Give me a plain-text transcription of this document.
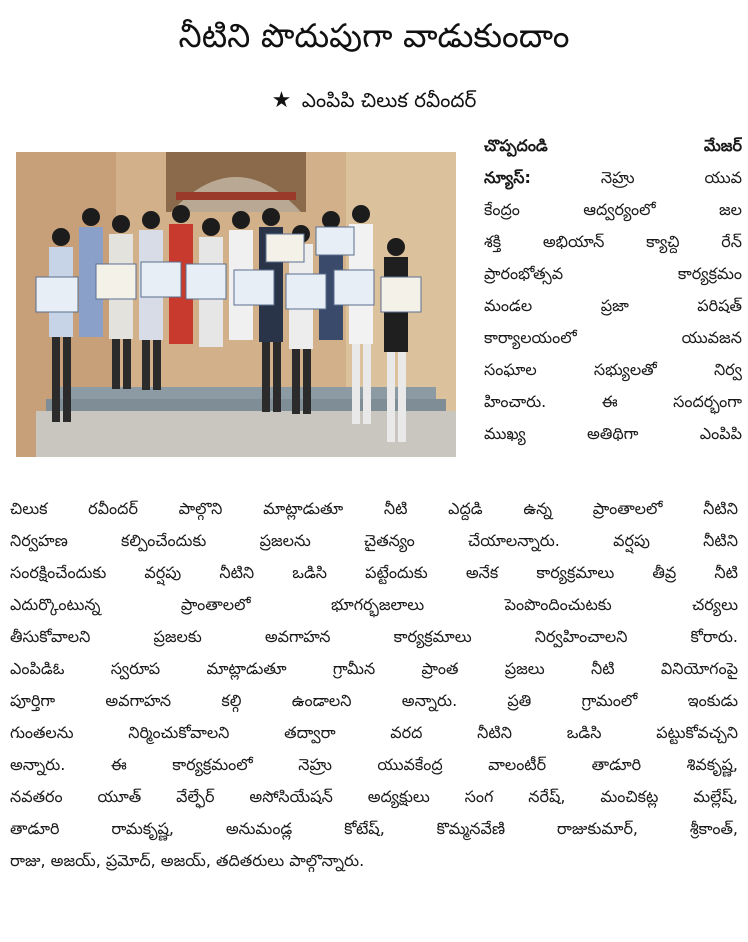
నీటిని పొదుపుగా వాడుకుందాం
★ ఎంపిపి చిలుక రవీందర్
చొప్పదండి మేజర్
న్యూస్:	నెహ్రు యువ
కేంద్రం ఆద్వర్యంలో జల
శక్తి అభియాన్ క్యాచ్ది రేన్
ప్రారంభోత్సవ కార్యక్రమం
మండల ప్రజా పరిషత్
కార్యాలయంలో యువజన
సంఘాల సభ్యులతో నిర్వ
హించారు. ఈ సందర్భంగా
ముఖ్య అతిథిగా ఎంపిపి
చిలుక రవీందర్ పాల్గొని మాట్లాడుతూ నీటి ఎద్దడి ఉన్న ప్రాంతాలలో నీటిని
నిర్వహణ కల్పించేందుకు ప్రజలను చైతన్యం చేయాలన్నారు. వర్షపు నీటిని
సంరక్షించేందుకు వర్షపు నీటిని ఒడిసి పట్టేందుకు అనేక కార్యక్రమాలు తీవ్ర నీటి
ఎదుర్కొంటున్న ప్రాంతాలలో భూగర్భజలాలు పెంపొందించుటకు చర్యలు
తీసుకోవాలని ప్రజలకు అవగాహన కార్యక్రమాలు నిర్వహించాలని కోరారు.
ఎంపిడిఓ స్వరూప మాట్లాడుతూ గ్రామీన ప్రాంత ప్రజలు నీటి వినియోగంపై
పూర్తిగా అవగాహన కల్గి ఉండాలని అన్నారు. ప్రతి గ్రామంలో ఇంకుడు
గుంతలను నిర్మించుకోవాలని తద్వారా వరద నీటిని ఒడిసి పట్టుకోవచ్చని
అన్నారు. ఈ కార్యక్రమంలో నెహ్రు యువకేంద్ర వాలంటీర్ తాడూరి శివకృష్ణ,
నవతరం యూత్ వేల్ఫేర్ అసోసియేషన్ అద్యక్షులు సంగ నరేష్, మంచికట్ల మల్లేష్,
తాడూరి రామకృష్ణ, అనుమండ్ల కోటేష్, కొమ్మనవేణి రాజుకుమార్, శ్రీకాంత్,
రాజు, అజయ్, ప్రమోద్, అజయ్, తదితరులు పాల్గొన్నారు.
